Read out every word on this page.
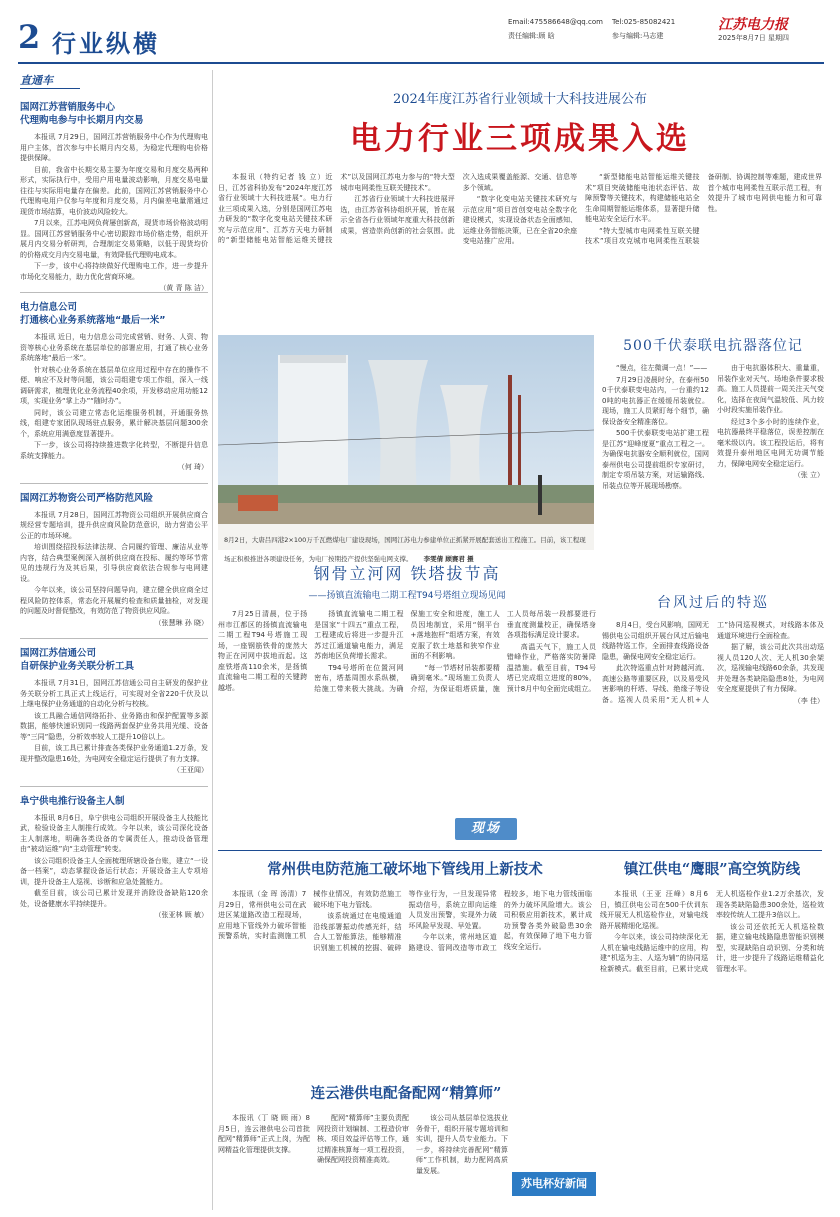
2 行业纵横
Email:475586648@qq.com Tel:025-85082421
责任编辑:顾 晗	参与编辑:马志建
江苏电力报
2025年8月7日 星期四
直通车
国网江苏营销服务中心
代理购电参与中长期月内交易

本报讯 7月29日，国网江苏营销服务中心作为代理购电用户主体，首次参与中长期月内交易，为稳定代理购电价格提供保障。

目前，我省中长期交易主要为年度交易和月度交易两种形式，实际执行中，受用户用电量波动影响，月度交易电量往往与实际用电量存在偏差。此前，国网江苏营销服务中心代理购电用户仅参与年度和月度交易，月内偏差电量需通过现货市场结算，电价波动风险较大。

7月以来，江苏电网负荷屡创新高，现货市场价格波动明显。国网江苏营销服务中心密切跟踪市场价格走势，组织开展月内交易分析研判，合理制定交易策略，以低于现货均价的价格成交月内交易电量，有效降低代理购电成本。

下一步，该中心将持续做好代理购电工作，进一步提升市场化交易能力，助力优化营商环境。

（黄 青 陈 洁）

电力信息公司
打通核心业务系统落地“最后一米”

本报讯 近日，电力信息公司完成营销、财务、人资、物资等核心业务系统在基层单位的部署应用，打通了核心业务系统落地“最后一米”。

针对核心业务系统在基层单位应用过程中存在的操作不便、响应不及时等问题，该公司组建专项工作组，深入一线调研需求，梳理优化业务流程40余项，开发移动应用功能12项，实现业务“掌上办”“随时办”。

同时，该公司建立常态化运维服务机制，开通服务热线，组建专家团队现场驻点服务，累计解决基层问题300余个，系统应用满意度显著提升。

下一步，该公司将持续推进数字化转型，不断提升信息系统支撑能力。

（何 琦）

国网江苏物资公司严格防范风险

本报讯 7月28日，国网江苏物资公司组织开展供应商合规经营专题培训，提升供应商风险防范意识，助力营造公平公正的市场环境。

培训围绕招投标法律法规、合同履约管理、廉洁从业等内容，结合典型案例深入剖析供应商在投标、履约等环节常见的违规行为及其后果，引导供应商依法合规参与电网建设。

今年以来，该公司坚持问题导向，建立健全供应商全过程风险防控体系，常态化开展履约检查和质量抽检，对发现的问题及时督促整改，有效防范了物资供应风险。

（张慧琳 孙 晓）

国网江苏信通公司
自研保护业务关联分析工具

本报讯 7月31日，国网江苏信通公司自主研发的保护业务关联分析工具正式上线运行，可实现对全省220千伏及以上继电保护业务通道的自动化分析与校核。

该工具融合通信网络拓扑、业务路由和保护配置等多源数据，能够快速识别同一线路两套保护业务共用光缆、设备等“三同”隐患，分析效率较人工提升10倍以上。

目前，该工具已累计排查各类保护业务通道1.2万条，发现并整改隐患16处，为电网安全稳定运行提供了有力支撑。

（王亚闻）

阜宁供电推行设备主人制

本报讯 8月6日，阜宁供电公司组织开展设备主人技能比武，检验设备主人制推行成效。今年以来，该公司深化设备主人制落地，明确各类设备的专属责任人，推动设备管理由“被动运维”向“主动管理”转变。

该公司组织设备主人全面梳理所辖设备台账，建立“一设备一档案”，动态掌握设备运行状态；开展设备主人专项培训，提升设备主人巡视、诊断和应急处置能力。

截至目前，该公司已累计发现并消除设备缺陷120余处，设备健康水平持续提升。

（张亚林 顾 敏）

2024年度江苏省行业领域十大科技进展公布
电力行业三项成果入选

本报讯（特约记者 钱 立）近日，江苏省科协发布“2024年度江苏省行业领域十大科技进展“。电力行业三项成果入选，分别是国网江苏电力研发的“数字化变电站关键技术研究与示范应用”、江苏方天电力研制的“新型储能电站智能运维关键技术”以及国网江苏电力参与的“特大型城市电网柔性互联关键技术”。

江苏省行业领域十大科技进展评选，由江苏省科协组织开展，旨在展示全省各行业领域年度重大科技创新成果，营造崇尚创新的社会氛围。此次入选成果覆盖能源、交通、信息等多个领域。

“数字化变电站关键技术研究与示范应用”项目首创变电站全数字化建设模式，实现设备状态全面感知、运维业务智能决策，已在全省20余座变电站推广应用。

“新型储能电站智能运维关键技术”项目突破储能电池状态评估、故障预警等关键技术，构建储能电站全生命周期智能运维体系，显著提升储能电站安全运行水平。

“特大型城市电网柔性互联关键技术”项目攻克城市电网柔性互联装备研制、协调控制等难题，建成世界首个城市电网柔性互联示范工程，有效提升了城市电网供电能力和可靠性。

8月2日，大唐吕四港2×100万千瓦燃煤电厂建设现场，国网江苏电力参建单位正抓紧开展配套送出工程施工。目前，该工程现场正积极推进各项建设任务，为电厂按期投产提供坚强电网支撑。 李雯倩 顾赛君 摄
500千伏泰联电抗器落位记

“慢点，往左微调一点！”——

7月29日凌晨时分，在泰州500千伏泰联变电站内，一台重约120吨的电抗器正在缓缓吊装就位。现场，施工人员紧盯每个细节，确保设备安全精准落位。

500千伏泰联变电站扩建工程是江苏“迎峰度夏”重点工程之一。为确保电抗器安全顺利就位，国网泰州供电公司提前组织专家研讨，制定专项吊装方案，对运输路线、吊装点位等开展现场勘察。

由于电抗器体积大、重量重，吊装作业对天气、场地条件要求极高。施工人员提前一周关注天气变化，选择在夜间气温较低、风力较小时段实施吊装作业。

经过3个多小时的连续作业，电抗器最终平稳落位，误差控制在毫米级以内。该工程投运后，将有效提升泰州地区电网无功调节能力，保障电网安全稳定运行。

（张 立）

钢骨立河网 铁塔拔节高
——扬镇直流输电二期工程T94号塔组立现场见闻

7月25日清晨，位于扬州市江都区的扬镇直流输电二期工程T94号塔施工现场，一座钢筋铁骨的庞然大物正在河网中拔地而起。这座铁塔高110余米，是扬镇直流输电二期工程的关键跨越塔。

扬镇直流输电二期工程是国家“十四五”重点工程，工程建成后将进一步提升江苏过江通道输电能力，满足苏南地区负荷增长需求。

T94号塔所在位置河网密布，塔基周围水系纵横，给施工带来极大挑战。为确保施工安全和进度，施工人员因地制宜，采用“钢平台+落地抱杆”组塔方案，有效克服了软土地基和狭窄作业面的不利影响。

“每一节塔材吊装都要精确到毫米。”现场施工负责人介绍，为保证组塔质量，施工人员每吊装一段都要进行垂直度测量校正，确保塔身各项指标满足设计要求。

高温天气下，施工人员错峰作业，严格落实防暑降温措施。截至目前，T94号塔已完成组立进度的80%，预计8月中旬全面完成组立。

台风过后的特巡

8月4日，受台风影响，国网无锡供电公司组织开展台风过后输电线路特巡工作，全面排查线路设备隐患，确保电网安全稳定运行。

此次特巡重点针对跨越河流、高速公路等重要区段，以及易受风害影响的杆塔、导线、绝缘子等设备。巡视人员采用“无人机+人工”协同巡视模式，对线路本体及通道环境进行全面检查。

据了解，该公司此次共出动巡视人员120人次、无人机30余架次，巡视输电线路60余条，共发现并处理各类缺陷隐患8处，为电网安全度夏提供了有力保障。

（李 佳）

现场
常州供电防范施工破坏地下管线用上新技术

本报讯（金 珲 汤清）7月29日，常州供电公司在武进区某道路改造工程现场，应用地下管线外力破坏智能预警系统，实时监测施工机械作业情况，有效防范施工破坏地下电力管线。

该系统通过在电缆通道沿线部署振动传感光纤，结合人工智能算法，能够精准识别施工机械的挖掘、破碎等作业行为，一旦发现异常振动信号，系统立即向运维人员发出预警，实现外力破坏风险早发现、早处置。

今年以来，常州地区道路建设、管网改造等市政工程较多，地下电力管线面临的外力破坏风险增大。该公司积极应用新技术，累计成功预警各类外破隐患30余起，有效保障了地下电力管线安全运行。

镇江供电“鹰眼”高空筑防线

本报讯（王亚 汪峰）8月6日，镇江供电公司在500千伏训东线开展无人机巡检作业，对输电线路开展精细化巡视。

今年以来，该公司持续深化无人机在输电线路运维中的应用，构建“机巡为主、人巡为辅”的协同巡检新模式。截至目前，已累计完成无人机巡检作业1.2万余基次，发现各类缺陷隐患300余处，巡检效率较传统人工提升3倍以上。

该公司还依托无人机巡检数据，建立输电线路隐患智能识别模型，实现缺陷自动识别、分类和统计，进一步提升了线路运维精益化管理水平。

连云港供电配备配网“精算师”

本报讯（丁 晓 顾 雨）8月5日，连云港供电公司首批配网“精算师”正式上岗，为配网精益化管理提供支撑。

配网“精算师”主要负责配网投资计划编制、工程造价审核、项目效益评估等工作，通过精准核算每一项工程投资，确保配网投资精准高效。

该公司从基层单位选拔业务骨干，组织开展专题培训和实训，提升人员专业能力。下一步，将持续完善配网“精算师”工作机制，助力配网高质量发展。

苏电杯好新闻
